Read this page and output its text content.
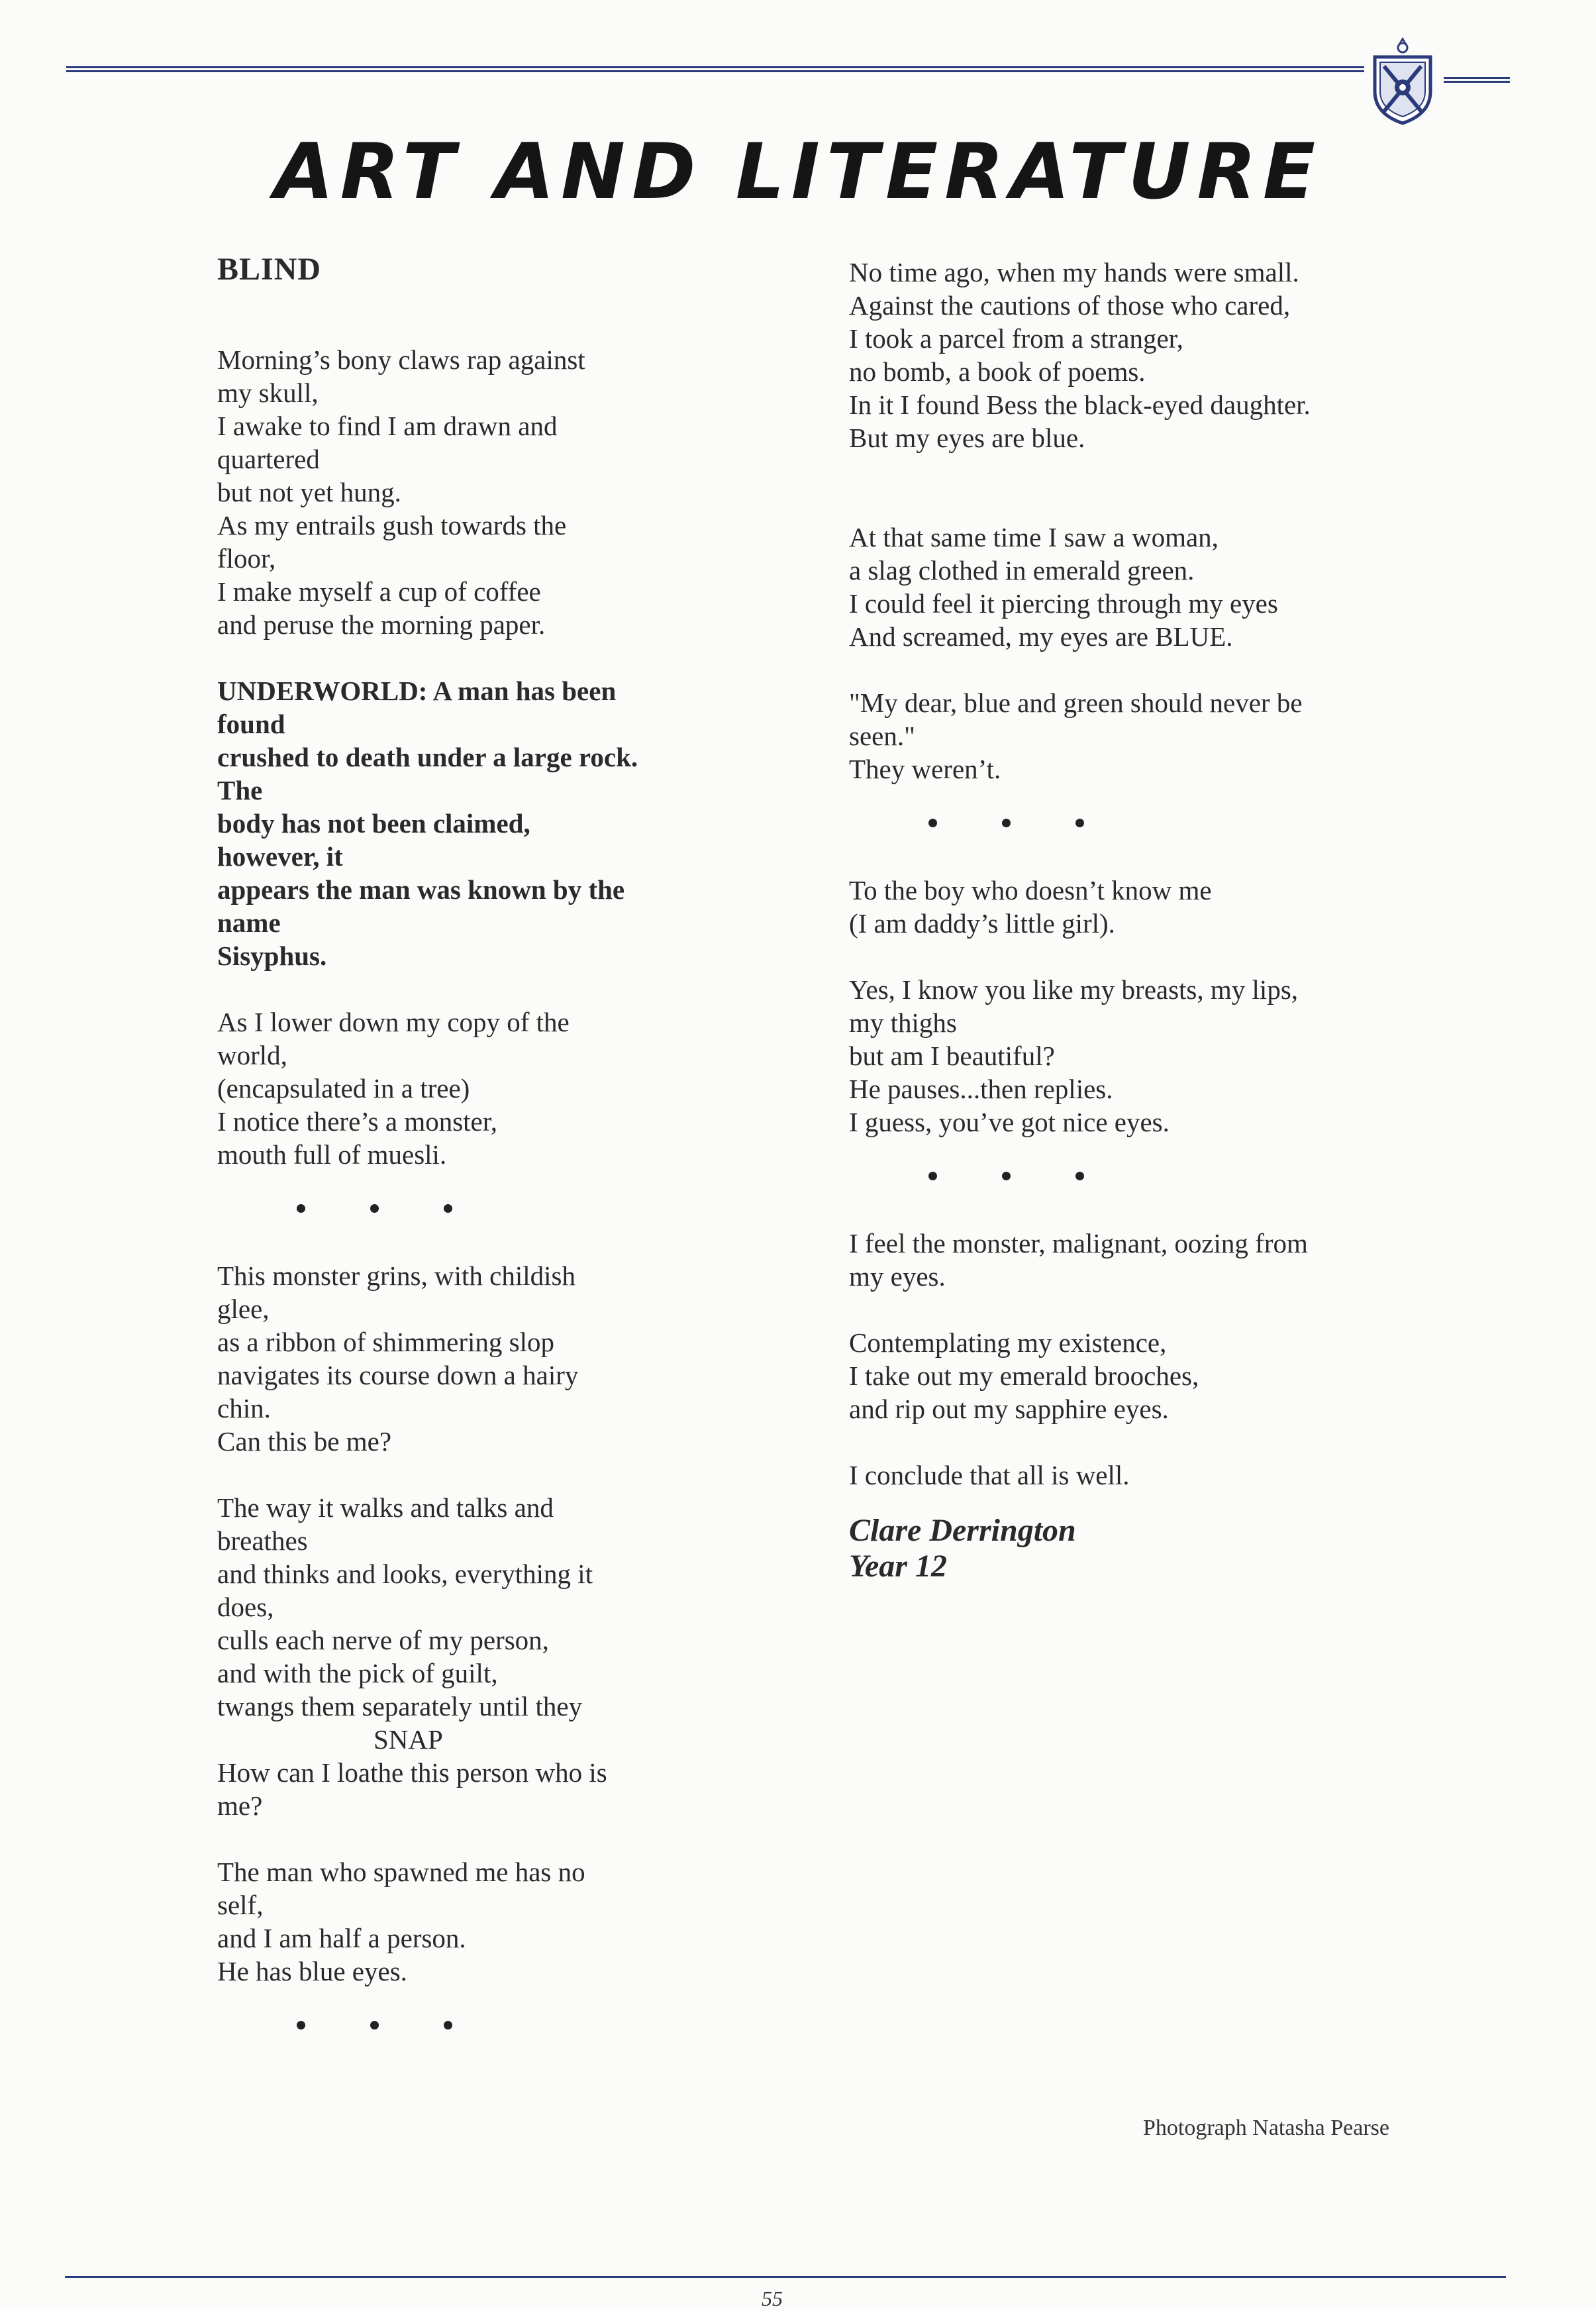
ART AND LITERATURE
BLIND
Morning’s bony claws rap against
my skull,
I awake to find I am drawn and
quartered
but not yet hung.
As my entrails gush towards the
floor,
I make myself a cup of coffee
and peruse the morning paper.
UNDERWORLD: A man has been
found
crushed to death under a large rock.
The
body has not been claimed,
however, it
appears the man was known by the
name
Sisyphus.
As I lower down my copy of the
world,
(encapsulated in a tree)
I notice there’s a monster,
mouth full of muesli.
This monster grins, with childish
glee,
as a ribbon of shimmering slop
navigates its course down a hairy
chin.
Can this be me?
The way it walks and talks and
breathes
and thinks and looks, everything it
does,
culls each nerve of my person,
and with the pick of guilt,
twangs them separately until they
SNAP
How can I loathe this person who is
me?
The man who spawned me has no
self,
and I am half a person.
He has blue eyes.
No time ago, when my hands were small.
Against the cautions of those who cared,
I took a parcel from a stranger,
no bomb, a book of poems.
In it I found Bess the black-eyed daughter.
But my eyes are blue.
At that same time I saw a woman,
a slag clothed in emerald green.
I could feel it piercing through my eyes
And screamed, my eyes are BLUE.
"My dear, blue and green should never be
seen."
They weren’t.
To the boy who doesn’t know me
(I am daddy’s little girl).
Yes, I know you like my breasts, my lips,
my thighs
but am I beautiful?
He pauses...then replies.
I guess, you’ve got nice eyes.
I feel the monster, malignant, oozing from
my eyes.
Contemplating my existence,
I take out my emerald brooches,
and rip out my sapphire eyes.
I conclude that all is well.
Clare Derrington
Year 12
Photograph Natasha Pearse
55
